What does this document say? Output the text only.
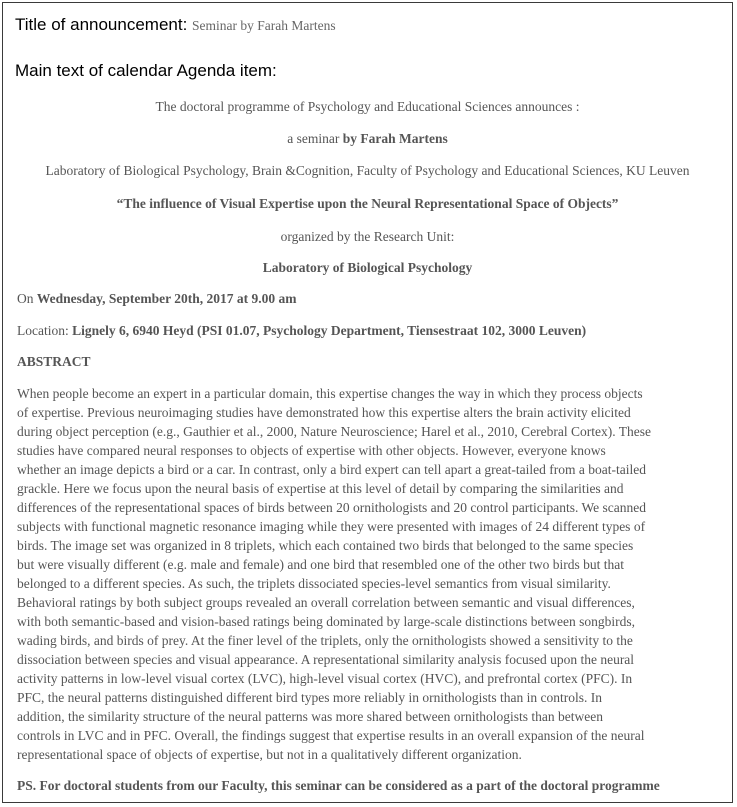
Title of announcement: Seminar by Farah Martens
Main text of calendar Agenda item:
The doctoral programme of Psychology and Educational Sciences announces :
a seminar by Farah Martens
Laboratory of Biological Psychology, Brain &Cognition, Faculty of Psychology and Educational Sciences, KU Leuven
“The influence of Visual Expertise upon the Neural Representational Space of Objects”
organized by the Research Unit:
Laboratory of Biological Psychology
On Wednesday, September 20th, 2017 at 9.00 am
Location: Lignely 6, 6940 Heyd (PSI 01.07, Psychology Department, Tiensestraat 102, 3000 Leuven)
ABSTRACT
When people become an expert in a particular domain, this expertise changes the way in which they process objects
of expertise. Previous neuroimaging studies have demonstrated how this expertise alters the brain activity elicited
during object perception (e.g., Gauthier et al., 2000, Nature Neuroscience; Harel et al., 2010, Cerebral Cortex). These
studies have compared neural responses to objects of expertise with other objects. However, everyone knows
whether an image depicts a bird or a car. In contrast, only a bird expert can tell apart a great-tailed from a boat-tailed
grackle. Here we focus upon the neural basis of expertise at this level of detail by comparing the similarities and
differences of the representational spaces of birds between 20 ornithologists and 20 control participants. We scanned
subjects with functional magnetic resonance imaging while they were presented with images of 24 different types of
birds. The image set was organized in 8 triplets, which each contained two birds that belonged to the same species
but were visually different (e.g. male and female) and one bird that resembled one of the other two birds but that
belonged to a different species. As such, the triplets dissociated species-level semantics from visual similarity.
Behavioral ratings by both subject groups revealed an overall correlation between semantic and visual differences,
with both semantic-based and vision-based ratings being dominated by large-scale distinctions between songbirds,
wading birds, and birds of prey. At the finer level of the triplets, only the ornithologists showed a sensitivity to the
dissociation between species and visual appearance. A representational similarity analysis focused upon the neural
activity patterns in low-level visual cortex (LVC), high-level visual cortex (HVC), and prefrontal cortex (PFC). In
PFC, the neural patterns distinguished different bird types more reliably in ornithologists than in controls. In
addition, the similarity structure of the neural patterns was more shared between ornithologists than between
controls in LVC and in PFC. Overall, the findings suggest that expertise results in an overall expansion of the neural
representational space of objects of expertise, but not in a qualitatively different organization.
PS. For doctoral students from our Faculty, this seminar can be considered as a part of the doctoral programme
